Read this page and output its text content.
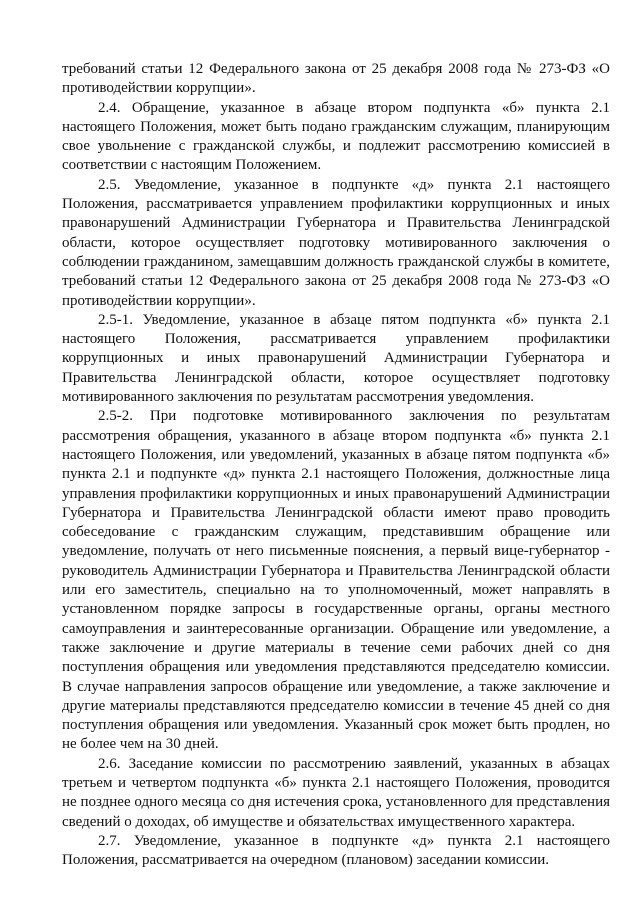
требований статьи 12 Федерального закона от 25 декабря 2008 года № 273-ФЗ «О противодействии коррупции».

2.4. Обращение, указанное в абзаце втором подпункта «б» пункта 2.1 настоящего Положения, может быть подано гражданским служащим, планирующим свое увольнение с гражданской службы, и подлежит рассмотрению комиссией в соответствии с настоящим Положением.

2.5. Уведомление, указанное в подпункте «д» пункта 2.1 настоящего Положения, рассматривается управлением профилактики коррупционных и иных правонарушений Администрации Губернатора и Правительства Ленинградской области, которое осуществляет подготовку мотивированного заключения о соблюдении гражданином, замещавшим должность гражданской службы в комитете, требований статьи 12 Федерального закона от 25 декабря 2008 года № 273-ФЗ «О противодействии коррупции».

2.5-1. Уведомление, указанное в абзаце пятом подпункта «б» пункта 2.1 настоящего Положения, рассматривается управлением профилактики коррупционных и иных правонарушений Администрации Губернатора и Правительства Ленинградской области, которое осуществляет подготовку мотивированного заключения по результатам рассмотрения уведомления.

2.5-2. При подготовке мотивированного заключения по результатам рассмотрения обращения, указанного в абзаце втором подпункта «б» пункта 2.1 настоящего Положения, или уведомлений, указанных в абзаце пятом подпункта «б» пункта 2.1 и подпункте «д» пункта 2.1 настоящего Положения, должностные лица управления профилактики коррупционных и иных правонарушений Администрации Губернатора и Правительства Ленинградской области имеют право проводить собеседование с гражданским служащим, представившим обращение или уведомление, получать от него письменные пояснения, а первый вице-губернатор - руководитель Администрации Губернатора и Правительства Ленинградской области или его заместитель, специально на то уполномоченный, может направлять в установленном порядке запросы в государственные органы, органы местного самоуправления и заинтересованные организации. Обращение или уведомление, а также заключение и другие материалы в течение семи рабочих дней со дня поступления обращения или уведомления представляются председателю комиссии. В случае направления запросов обращение или уведомление, а также заключение и другие материалы представляются председателю комиссии в течение 45 дней со дня поступления обращения или уведомления. Указанный срок может быть продлен, но не более чем на 30 дней.

2.6. Заседание комиссии по рассмотрению заявлений, указанных в абзацах третьем и четвертом подпункта «б» пункта 2.1 настоящего Положения, проводится не позднее одного месяца со дня истечения срока, установленного для представления сведений о доходах, об имуществе и обязательствах имущественного характера.

2.7. Уведомление, указанное в подпункте «д» пункта 2.1 настоящего Положения, рассматривается на очередном (плановом) заседании комиссии.
